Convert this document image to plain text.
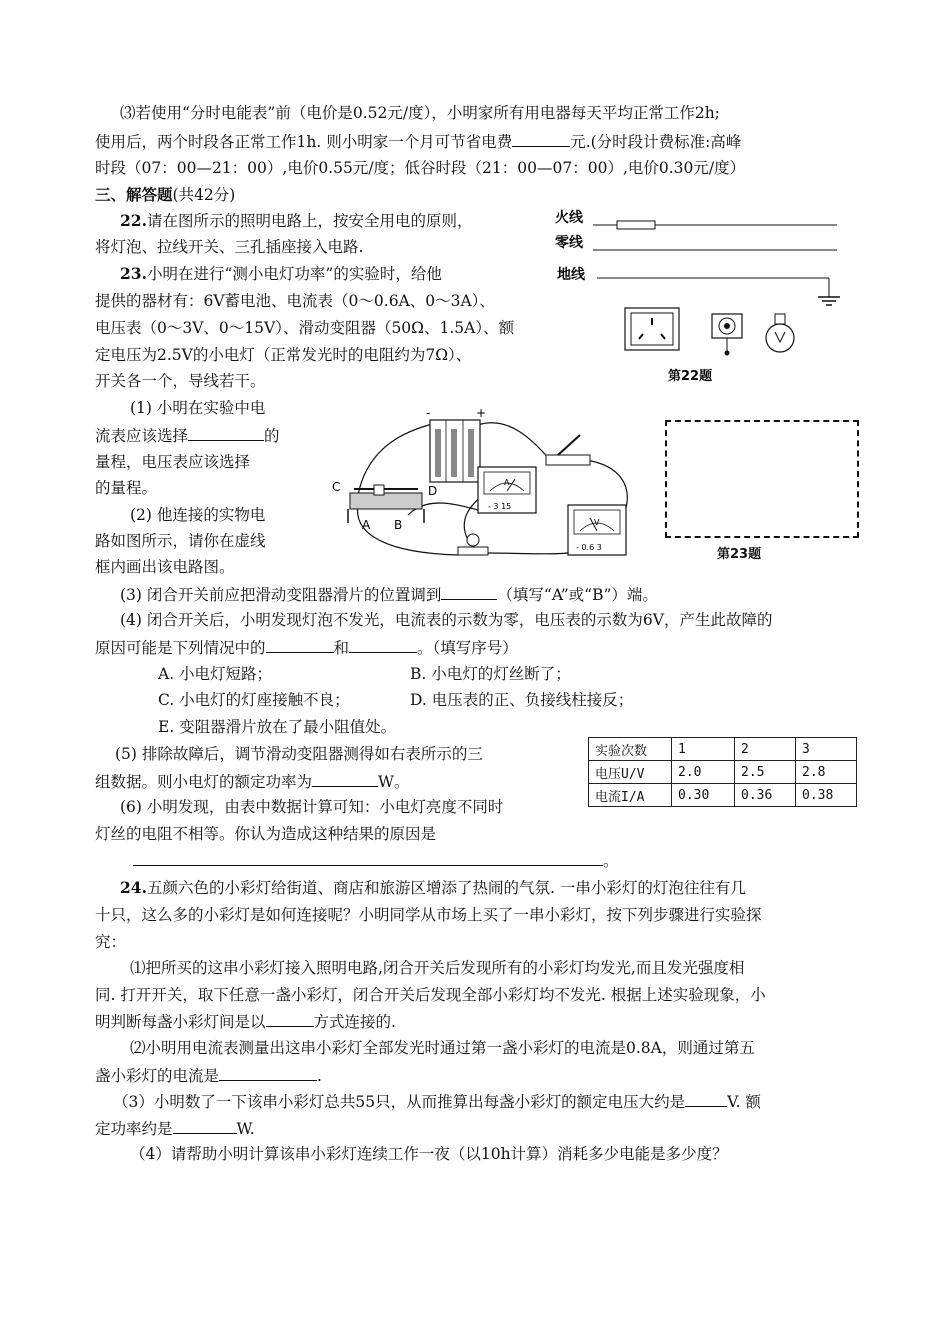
⑶若使用“分时电能表”前（电价是0.52元/度），小明家所有用电器每天平均正常工作2h;
使用后，两个时段各正常工作1h. 则小明家一个月可节省电费	元.(分时段计费标准:高峰
时段（07：00—21：00）,电价0.55元/度；低谷时段（21：00—07：00）,电价0.30元/度）
三、解答题(共42分)
22.请在图所示的照明电路上，按安全用电的原则，
将灯泡、拉线开关、三孔插座接入电路.
23.小明在进行“测小电灯功率”的实验时，给他
提供的器材有：6V蓄电池、电流表（0～0.6A、0～3A）、
电压表（0～3V、0～15V）、滑动变阻器（50Ω、1.5A）、额
定电压为2.5V的小电灯（正常发光时的电阻约为7Ω）、
开关各一个，导线若干。
(1) 小明在实验中电
流表应该选择	的
量程，电压表应该选择
的量程。
(2) 他连接的实物电
路如图所示，请你在虚线
框内画出该电路图。
(3) 闭合开关前应把滑动变阻器滑片的位置调到	（填写“A”或“B”）端。
(4) 闭合开关后，小明发现灯泡不发光，电流表的示数为零，电压表的示数为6V，产生此故障的
原因可能是下列情况中的	和	。（填写序号）
A. 小电灯短路；	B. 小电灯的灯丝断了；
C. 小电灯的灯座接触不良；	D. 电压表的正、负接线柱接反；
E. 变阻器滑片放在了最小阻值处。
(5) 排除故障后，调节滑动变阻器测得如右表所示的三
组数据。则小电灯的额定功率为	W。
(6) 小明发现，由表中数据计算可知：小电灯亮度不同时
灯丝的电阻不相等。你认为造成这种结果的原因是
。
实验次数	1	2	3
电压U/V	2.0	2.5	2.8
电流I/A	0.30	0.36	0.38
24.五颜六色的小彩灯给街道、商店和旅游区增添了热闹的气氛. 一串小彩灯的灯泡往往有几
十只，这么多的小彩灯是如何连接呢？小明同学从市场上买了一串小彩灯，按下列步骤进行实验探
究：
⑴把所买的这串小彩灯接入照明电路,闭合开关后发现所有的小彩灯均发光,而且发光强度相
同. 打开开关，取下任意一盏小彩灯，闭合开关后发现全部小彩灯均不发光. 根据上述实验现象，小
明判断每盏小彩灯间是以	方式连接的.
⑵小明用电流表测量出这串小彩灯全部发光时通过第一盏小彩灯的电流是0.8A，则通过第五
盏小彩灯的电流是	.
（3）小明数了一下该串小彩灯总共55只，从而推算出每盏小彩灯的额定电压大约是	V. 额
定功率约是	W.
（4）请帮助小明计算该串小彩灯连续工作一夜（以10h计算）消耗多少电能是多少度？
火线
零线
地线
第22题
-	+
- 3 15
A
- 0.6 3
V
C	D
A B
第23题
